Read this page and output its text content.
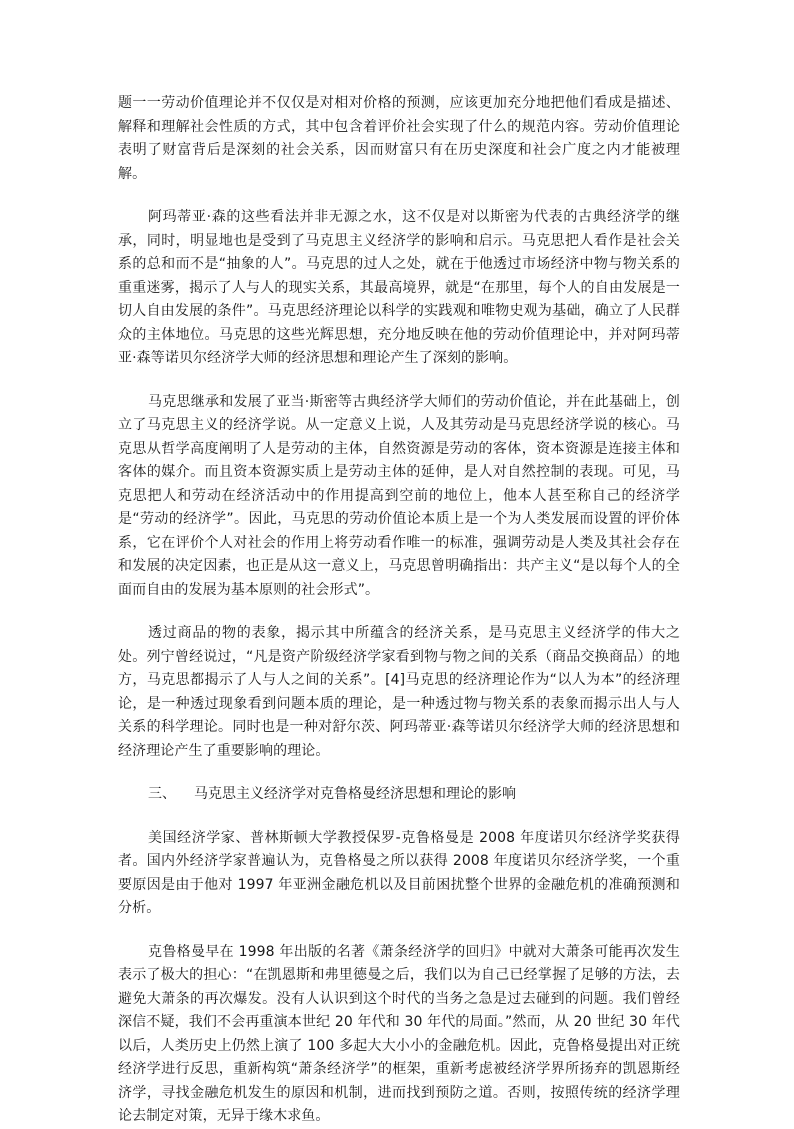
题一一劳动价值理论并不仅仅是对相对价格的预测，应该更加充分地把他们看成是描述、解释和理解社会性质的方式，其中包含着评价社会实现了什么的规范内容。劳动价值理论表明了财富背后是深刻的社会关系，因而财富只有在历史深度和社会广度之内才能被理解。

阿玛蒂亚·森的这些看法并非无源之水，这不仅是对以斯密为代表的古典经济学的继承，同时，明显地也是受到了马克思主义经济学的影响和启示。马克思把人看作是社会关系的总和而不是“抽象的人”。马克思的过人之处，就在于他透过市场经济中物与物关系的重重迷雾，揭示了人与人的现实关系，其最高境界，就是“在那里，每个人的自由发展是一切人自由发展的条件”。马克思经济理论以科学的实践观和唯物史观为基础，确立了人民群众的主体地位。马克思的这些光辉思想，充分地反映在他的劳动价值理论中，并对阿玛蒂亚·森等诺贝尔经济学大师的经济思想和理论产生了深刻的影响。

马克思继承和发展了亚当·斯密等古典经济学大师们的劳动价值论，并在此基础上，创立了马克思主义的经济学说。从一定意义上说，人及其劳动是马克思经济学说的核心。马克思从哲学高度阐明了人是劳动的主体，自然资源是劳动的客体，资本资源是连接主体和客体的媒介。而且资本资源实质上是劳动主体的延伸，是人对自然控制的表现。可见，马克思把人和劳动在经济活动中的作用提高到空前的地位上，他本人甚至称自己的经济学是“劳动的经济学”。因此，马克思的劳动价值论本质上是一个为人类发展而设置的评价体系，它在评价个人对社会的作用上将劳动看作唯一的标准，强调劳动是人类及其社会存在和发展的决定因素，也正是从这一意义上，马克思曾明确指出：共产主义“是以每个人的全面而自由的发展为基本原则的社会形式”。

透过商品的物的表象，揭示其中所蕴含的经济关系，是马克思主义经济学的伟大之处。列宁曾经说过，“凡是资产阶级经济学家看到物与物之间的关系（商品交换商品）的地方，马克思都揭示了人与人之间的关系”。[4]马克思的经济理论作为“以人为本”的经济理论，是一种透过现象看到问题本质的理论，是一种透过物与物关系的表象而揭示出人与人关系的科学理论。同时也是一种对舒尔茨、阿玛蒂亚·森等诺贝尔经济学大师的经济思想和经济理论产生了重要影响的理论。

三、 马克思主义经济学对克鲁格曼经济思想和理论的影响

美国经济学家、普林斯顿大学教授保罗-克鲁格曼是 2008 年度诺贝尔经济学奖获得者。国内外经济学家普遍认为，克鲁格曼之所以获得 2008 年度诺贝尔经济学奖，一个重要原因是由于他对 1997 年亚洲金融危机以及目前困扰整个世界的金融危机的准确预测和分析。

克鲁格曼早在 1998 年出版的名著《萧条经济学的回归》中就对大萧条可能再次发生表示了极大的担心：“在凯恩斯和弗里德曼之后，我们以为自己已经掌握了足够的方法，去避免大萧条的再次爆发。没有人认识到这个时代的当务之急是过去碰到的问题。我们曾经深信不疑，我们不会再重演本世纪 20 年代和 30 年代的局面。”然而，从 20 世纪 30 年代以后，人类历史上仍然上演了 100 多起大大小小的金融危机。因此，克鲁格曼提出对正统经济学进行反思，重新构筑“萧条经济学”的框架，重新考虑被经济学界所扬弃的凯恩斯经济学，寻找金融危机发生的原因和机制，进而找到预防之道。否则，按照传统的经济学理论去制定对策，无异于缘木求鱼。
